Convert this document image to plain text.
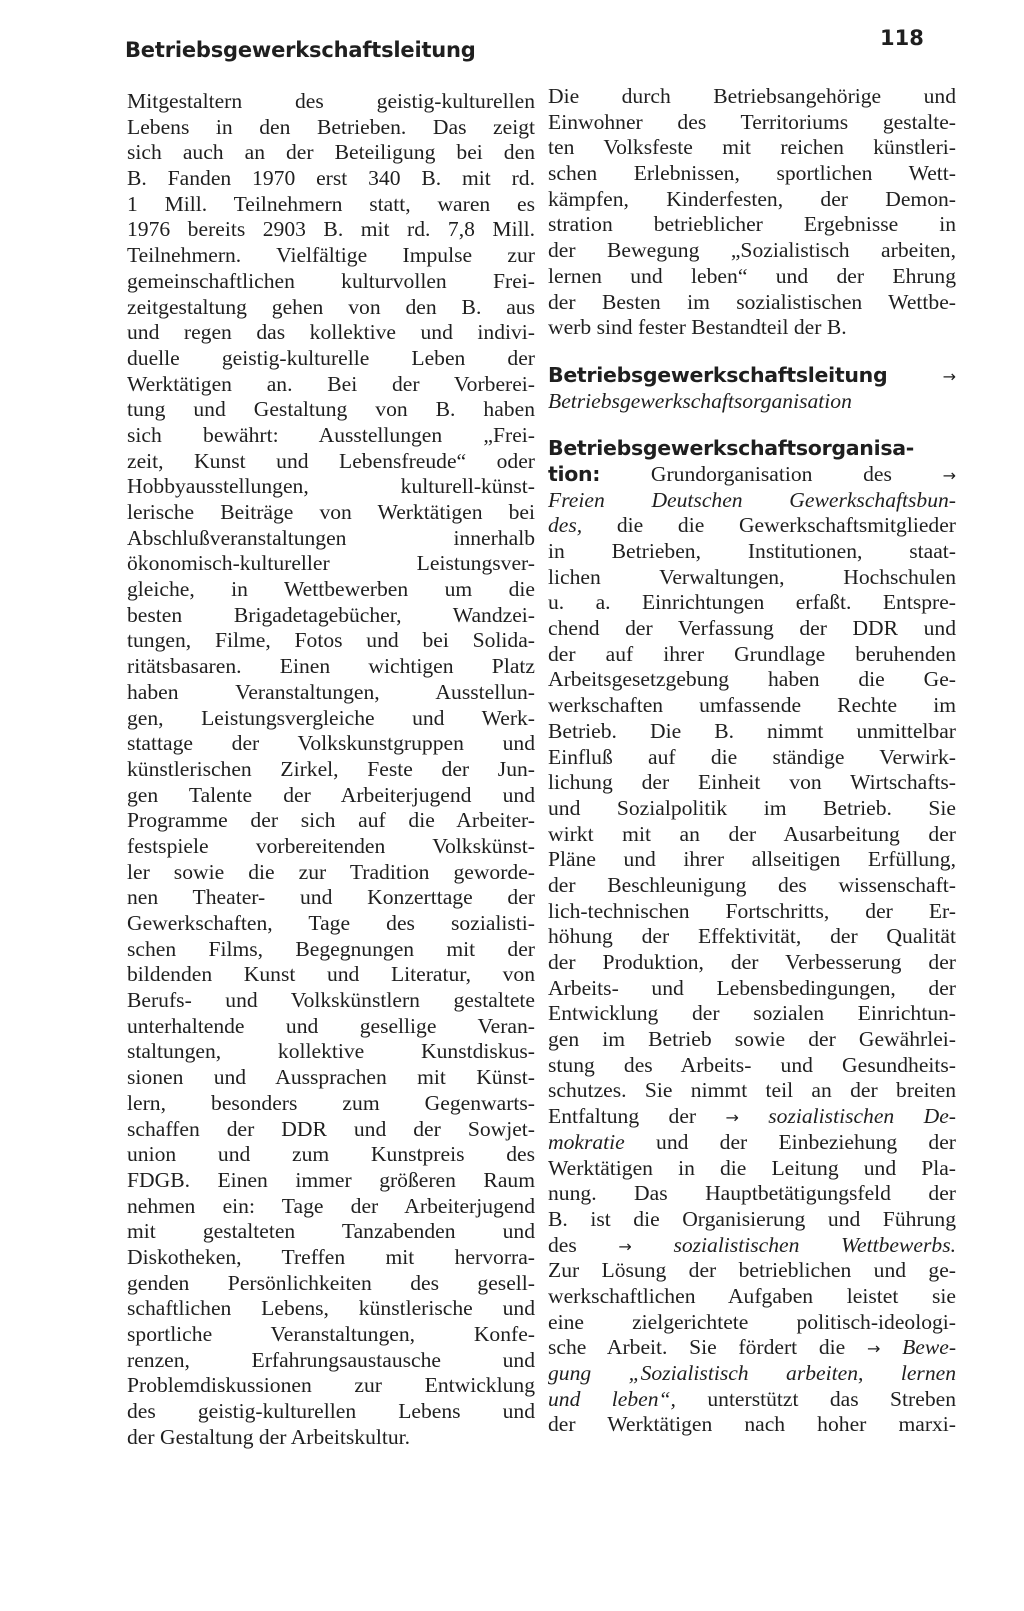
Betriebsgewerkschaftsleitung	118
Mitgestaltern des geistig-kulturellen
Lebens in den Betrieben. Das zeigt
sich auch an der Beteiligung bei den
B. Fanden 1970 erst 340 B. mit rd.
1 Mill. Teilnehmern statt, waren es
1976 bereits 2903 B. mit rd. 7,8 Mill.
Teilnehmern. Vielfältige Impulse zur
gemeinschaftlichen kulturvollen Frei-
zeitgestaltung gehen von den B. aus
und regen das kollektive und indivi-
duelle geistig-kulturelle Leben der
Werktätigen an. Bei der Vorberei-
tung und Gestaltung von B. haben
sich bewährt: Ausstellungen „Frei-
zeit, Kunst und Lebensfreude“ oder
Hobbyausstellungen, kulturell-künst-
lerische Beiträge von Werktätigen bei
Abschlußveranstaltungen innerhalb
ökonomisch-kultureller Leistungsver-
gleiche, in Wettbewerben um die
besten Brigadetagebücher, Wandzei-
tungen, Filme, Fotos und bei Solida-
ritätsbasaren. Einen wichtigen Platz
haben Veranstaltungen, Ausstellun-
gen, Leistungsvergleiche und Werk-
stattage der Volkskunstgruppen und
künstlerischen Zirkel, Feste der Jun-
gen Talente der Arbeiterjugend und
Programme der sich auf die Arbeiter-
festspiele vorbereitenden Volkskünst-
ler sowie die zur Tradition geworde-
nen Theater- und Konzerttage der
Gewerkschaften, Tage des sozialisti-
schen Films, Begegnungen mit der
bildenden Kunst und Literatur, von
Berufs- und Volkskünstlern gestaltete
unterhaltende und gesellige Veran-
staltungen, kollektive Kunstdiskus-
sionen und Aussprachen mit Künst-
lern, besonders zum Gegenwarts-
schaffen der DDR und der Sowjet-
union und zum Kunstpreis des
FDGB. Einen immer größeren Raum
nehmen ein: Tage der Arbeiterjugend
mit gestalteten Tanzabenden und
Diskotheken, Treffen mit hervorra-
genden Persönlichkeiten des gesell-
schaftlichen Lebens, künstlerische und
sportliche Veranstaltungen, Konfe-
renzen, Erfahrungsaustausche und
Problemdiskussionen zur Entwicklung
des geistig-kulturellen Lebens und
der Gestaltung der Arbeitskultur.
Die durch Betriebsangehörige und
Einwohner des Territoriums gestalte-
ten Volksfeste mit reichen künstleri-
schen Erlebnissen, sportlichen Wett-
kämpfen, Kinderfesten, der Demon-
stration betrieblicher Ergebnisse in
der Bewegung „Sozialistisch arbeiten,
lernen und leben“ und der Ehrung
der Besten im sozialistischen Wettbe-
werb sind fester Bestandteil der B.
Betriebsgewerkschaftsleitung	→
Betriebsgewerkschaftsorganisation
Betriebsgewerkschaftsorganisa-
tion: Grundorganisation des	→
Freien Deutschen Gewerkschaftsbun-
des, die die Gewerkschaftsmitglieder
in Betrieben, Institutionen, staat-
lichen Verwaltungen, Hochschulen
u. a. Einrichtungen erfaßt. Entspre-
chend der Verfassung der DDR und
der auf ihrer Grundlage beruhenden
Arbeitsgesetzgebung haben die Ge-
werkschaften umfassende Rechte im
Betrieb. Die B. nimmt unmittelbar
Einfluß auf die ständige Verwirk-
lichung der Einheit von Wirtschafts-
und Sozialpolitik im Betrieb. Sie
wirkt mit an der Ausarbeitung der
Pläne und ihrer allseitigen Erfüllung,
der Beschleunigung des wissenschaft-
lich-technischen Fortschritts, der Er-
höhung der Effektivität, der Qualität
der Produktion, der Verbesserung der
Arbeits- und Lebensbedingungen, der
Entwicklung der sozialen Einrichtun-
gen im Betrieb sowie der Gewährlei-
stung des Arbeits- und Gesundheits-
schutzes. Sie nimmt teil an der breiten
Entfaltung der → sozialistischen De-
mokratie und der Einbeziehung der
Werktätigen in die Leitung und Pla-
nung. Das Hauptbetätigungsfeld der
B. ist die Organisierung und Führung
des	→ sozialistischen Wettbewerbs.
Zur Lösung der betrieblichen und ge-
werkschaftlichen Aufgaben leistet sie
eine zielgerichtete politisch-ideologi-
sche Arbeit. Sie fördert die → Bewe-
gung „Sozialistisch arbeiten, lernen
und leben“, unterstützt das Streben
der Werktätigen nach hoher marxi-
